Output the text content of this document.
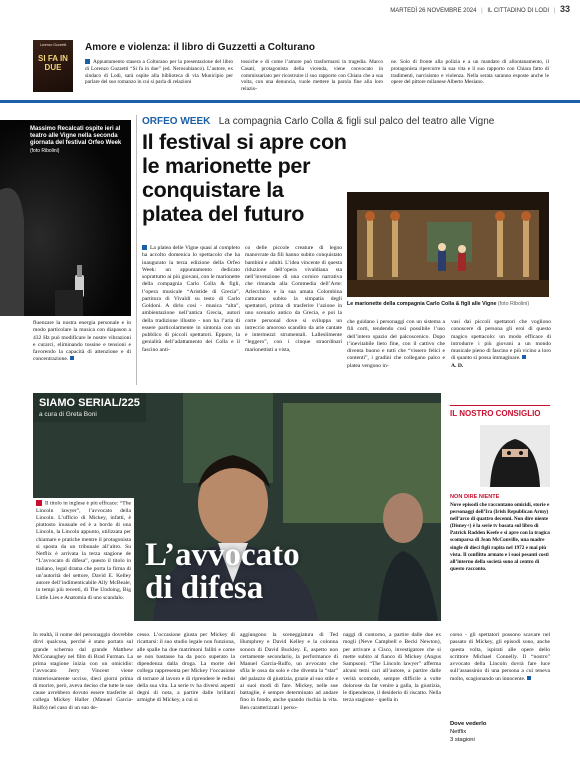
MARTEDÌ 26 NOVEMBRE 2024 | IL CITTADINO DI LODI | 33
SI FA IN DUE
Lorenzo Guzzetti	Amore e violenza: il libro di Guzzetti a Colturano
Appuntamento stasera a Colturano per la presentazione del libro di Lorenzo Guzzetti “Si fa in due” (ed. Nerosubianco). L’autore, ex sindaco di Lodi, sarà ospite alla biblioteca di via Municipio per parlare del suo romanzo in cui si parla di relazioni
tossiche e di come l’amore può trasformarsi in tragedia. Marco Casati, protagonista della vicenda, viene convocato in commissariato per ricostruire il suo rapporto con Chiara che a sua volta, con una denuncia, vuole mettere la parola fine alla loro relazio-
ne. Solo di fronte alla polizia e a un mandato di allontanamento, il protagonista ripercorre la sua vita e il suo rapporto con Chiara fatto di tradimenti, narcisismo e violenza. Nella serata saranno esposte anche le opere del pittore milanese Alberto Mesiano.
Massimo Recalcati ospite ieri al teatro alle Vigne nella seconda giornata del festival Orfeo Week
(foto Ribolini)
fluenzare la nostra energia personale e in modo particolare la musica con diapason a 432 Hz può modificare le nostre vibrazioni e curarci, eliminando tossine e tensioni e favorendo la capacità di attenzione e di concentrazione.
ORFEO WEEK La compagnia Carlo Colla & figli sul palco del teatro alle Vigne
Il festival si apre con le marionette per conquistare la platea del futuro
Le marionette della compagnia Carlo Colla & figli alle Vigne (foto Ribolini)
La platea delle Vigne quasi al completo ha accolto domenica lo spettacolo che ha inaugurato la terza edizione della Orfeo Week: un appuntamento dedicato soprattutto ai più giovani, con le marionette della compagnia Carlo Colla & figli, l’opera musicale “Aristide di Grecia”, partitura di Vivaldi su testo di Carlo Goldoni. A dirlo così - musica “alta”, ambientazione nell’antica Grecia, autori della tradizione illustre - non ha l’aria di essere particolarmente in sintonia con un pubblico di piccoli spettatori. Eppure, la genialità dell’adattamento dei Colla e il fascino anti-
co delle piccole creature di legno manovrate da fili hanno subito conquistato bambini e adulti. L’idea vincente di questa riduzione dell’opera vivaldiana sta nell’invenzione di una cornice narrativa che rimanda alla Commedia dell’Arte: Arlecchino e la sua amata Colombina catturano subito la simpatia degli spettatori, prima di trasferire l’azione in uno scenario antico da Grecia, e poi la corte personal dove si sviluppa un intreccio amoroso scandito da arie cantate e intermezzi strumentali. Lalleslimente “leggero”, con i cinque straordinari marionettisti a vista,
che guidano i personaggi con un sistema a fili corti, tendendo così possibile l’uso dell’intero spazio del palcoscenico. Dopo l’inevitabile lieto fine, con il cattivo che diventa buono e tutti che “vissero felici e contenti”, i gradini che collegano palco e platea vengono in-
vasi dai piccoli spettatori che vogliono conoscere di persona gli eroi di questo magico spettacolo: un modo efficace di introdurre i più giovani a un mondo musicale pieno di fascino e più vicino a loro di quanto si possa immaginare.
A. D.
SIAMO SERIAL/225
a cura di Greta Boni
L’avvocato
di difesa
Il titolo in inglese è più efficace: “The Lincoln lawyer”, l’avvocato della Lincoln. L’ufficio di Mickey, infatti, è piuttosto inusuale ed è a bordo di una Lincoln, la Lincoln appunto, utilizzata per chiamare e pratiche mentre il protagonista si sposta da un tribunale all’altro. Su Netflix è arrivata la terza stagione de “L’avvocato di difesa”, questo il titolo in italiano, legal drama che porta la firma di un’autorità del settore, David E. Kelley autore dell’indimenticabile Ally McBeale, in tempi più recenti, di The Undoing, Big Little Lies e Anatomia di uno scandalo.
In realtà, il nome del personaggio dovrebbe dirvi qualcosa, perché è stato portato sul grande schermo dal grande Matthew McConaughey nel film di Brad Furman. La prima stagione inizia con un omicidio: l’avvocato Jerry Vincent viene misteriosamente ucciso, dieci giorni prima di morire, però, aveva deciso che tutte le sue cause avrebbero dovuto essere trasferite al collega Mickey Haller (Manuel Garcia-Rulfo) nel caso di un suo de-
cesso. L’occasione giusta per Mickey di ricattarsi: il suo studio legale non funziona, alle spalle ha due matrimoni falliti e come se non bastasse ha da poco superato la dipendenza dalla droga. La morte del collega rappresenta per Mickey l’occasione di tornare al lavoro e di riprendere le redini della sua vita. La serie tv ha diversi aspetti degni di nota, a partire dalle brillanti armighe di Mickey, a cui si
aggiungono la sceneggiatura di Ted Humphrey e David Kelley e la colonna sonora di David Buckley. E, aspetto non certamente secondario, la performance di Manuel Garcia-Rulfo, un avvocato che sfila le ossa da solo e che diventa la “star” del palazzo di giustizia, grazie al suo stile e ai suoi modi di fare. Mickey, nelle sue battaglie, è sempre determinato ad andare fino in fondo, anche quando rischia la vita. Ben caratterizzati i perso-
naggi di contorno, a partire dalle due ex mogli (Neve Campbell e Becki Newton), per arrivare a Cisco, investigatore che si mette subito al fianco di Mickey (Angus Sampson). “The Lincoln lawyer” afferma alcuni temi cari all’autore, a partire dalle verità scomode, sempre difficile a volte dolorose da far venire a galla, la giustizia, le dipendenze, il desiderio di riscatto. Nella terza stagione - quella in
corso - gli spettatori possono scavare nel passato di Mickey, gli episodi sono, anche questa volta, ispirati alle opere dello scrittore Michael Connelly. Il “nostro” avvocato della Lincoln dovrà fare luce sull’assassinio di una persona a cui teneva molto, scagionando un innocente.
Dove vederlo
Netflix
3 stagioni
IL NOSTRO CONSIGLIO
NON DIRE NIENTE
Nove episodi che raccontano omicidi, storie e personaggi dell’Ira (Irish Republican Army) nell’arco di quattro decenni. Non dire niente (Disney+) è la serie tv basata sul libro di Patrick Radden Keefe e si apre con la tragica scomparsa di Jean McConville, una madre single di dieci figli rapita nel 1972 e mai più vista. Il conflitto armato e i suoi pesanti costi all’interno della società sono al centro di questo racconto.
